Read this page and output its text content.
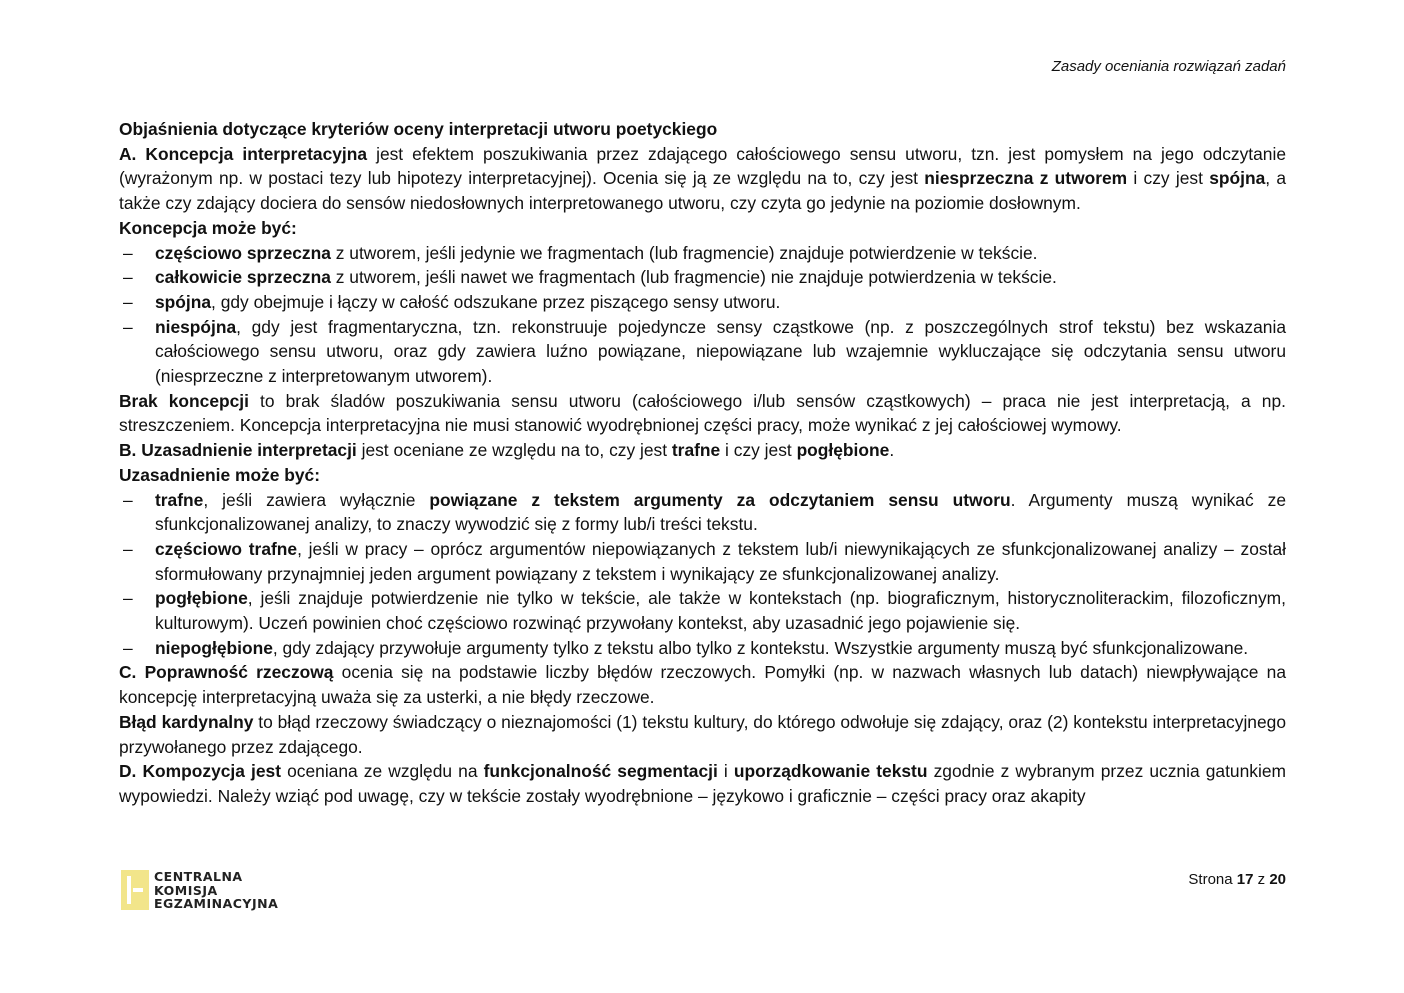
Zasady oceniania rozwiązań zadań

Objaśnienia dotyczące kryteriów oceny interpretacji utworu poetyckiego

A. Koncepcja interpretacyjna jest efektem poszukiwania przez zdającego całościowego sensu utworu, tzn. jest pomysłem na jego odczytanie (wyrażonym np. w postaci tezy lub hipotezy interpretacyjnej). Ocenia się ją ze względu na to, czy jest niesprzeczna z utworem i czy jest spójna, a także czy zdający dociera do sensów niedosłownych interpretowanego utworu, czy czyta go jedynie na poziomie dosłownym.

Koncepcja może być:

–	częściowo sprzeczna z utworem, jeśli jedynie we fragmentach (lub fragmencie) znajduje potwierdzenie w tekście.
–	całkowicie sprzeczna z utworem, jeśli nawet we fragmentach (lub fragmencie) nie znajduje potwierdzenia w tekście.
–	spójna, gdy obejmuje i łączy w całość odszukane przez piszącego sensy utworu.
–	niespójna, gdy jest fragmentaryczna, tzn. rekonstruuje pojedyncze sensy cząstkowe (np. z poszczególnych strof tekstu) bez wskazania całościowego sensu utworu, oraz gdy zawiera luźno powiązane, niepowiązane lub wzajemnie wykluczające się odczytania sensu utworu (niesprzeczne z interpretowanym utworem).

Brak koncepcji to brak śladów poszukiwania sensu utworu (całościowego i/lub sensów cząstkowych) – praca nie jest interpretacją, a np. streszczeniem. Koncepcja interpretacyjna nie musi stanowić wyodrębnionej części pracy, może wynikać z jej całościowej wymowy.

B. Uzasadnienie interpretacji jest oceniane ze względu na to, czy jest trafne i czy jest pogłębione.

Uzasadnienie może być:

–	trafne, jeśli zawiera wyłącznie powiązane z tekstem argumenty za odczytaniem sensu utworu. Argumenty muszą wynikać ze sfunkcjonalizowanej analizy, to znaczy wywodzić się z formy lub/i treści tekstu.
–	częściowo trafne, jeśli w pracy – oprócz argumentów niepowiązanych z tekstem lub/i niewynikających ze sfunkcjonalizowanej analizy – został sformułowany przynajmniej jeden argument powiązany z tekstem i wynikający ze sfunkcjonalizowanej analizy.
–	pogłębione, jeśli znajduje potwierdzenie nie tylko w tekście, ale także w kontekstach (np. biograficznym, historycznoliterackim, filozoficznym, kulturowym). Uczeń powinien choć częściowo rozwinąć przywołany kontekst, aby uzasadnić jego pojawienie się.
–	niepogłębione, gdy zdający przywołuje argumenty tylko z tekstu albo tylko z kontekstu. Wszystkie argumenty muszą być sfunkcjonalizowane.

C. Poprawność rzeczową ocenia się na podstawie liczby błędów rzeczowych. Pomyłki (np. w nazwach własnych lub datach) niewpływające na koncepcję interpretacyjną uważa się za usterki, a nie błędy rzeczowe.

Błąd kardynalny to błąd rzeczowy świadczący o nieznajomości (1) tekstu kultury, do którego odwołuje się zdający, oraz (2) kontekstu interpretacyjnego przywołanego przez zdającego.

D. Kompozycja jest oceniana ze względu na funkcjonalność segmentacji i uporządkowanie tekstu zgodnie z wybranym przez ucznia gatunkiem wypowiedzi. Należy wziąć pod uwagę, czy w tekście zostały wyodrębnione – językowo i graficznie – części pracy oraz akapity

CENTRALNA
KOMISJA
EGZAMINACYJNA
Strona 17 z 20
